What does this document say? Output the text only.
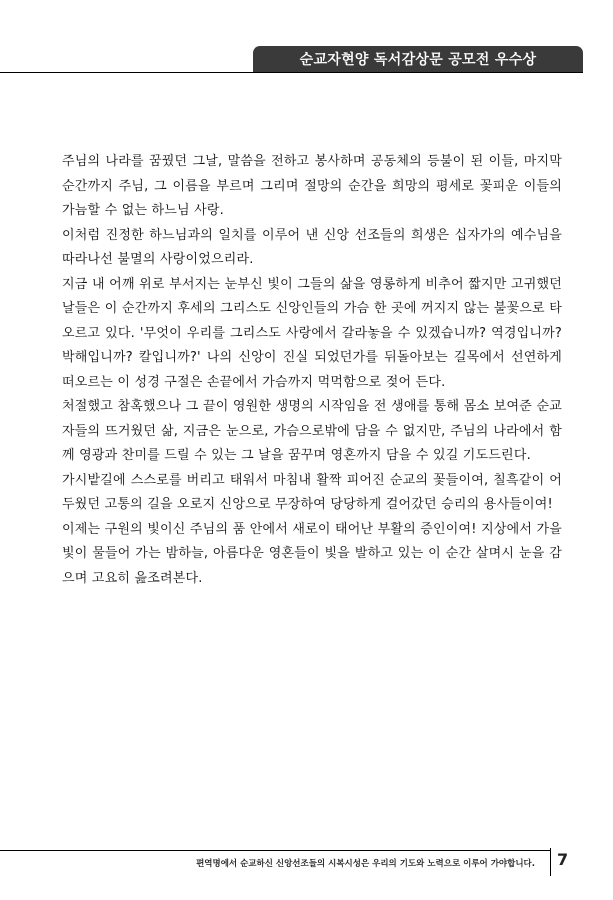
순교자현양 독서감상문 공모전 우수상

주님의 나라를 꿈꿨던 그날, 말씀을 전하고 봉사하며 공동체의 등불이 된 이들, 마지막 순간까지 주님, 그 이름을 부르며 그리며 절망의 순간을 희망의 평세로 꽃피운 이들의 가늠할 수 없는 하느님 사랑.

이처럼 진정한 하느님과의 일치를 이루어 낸 신앙 선조들의 희생은 십자가의 예수님을 따라나선 불멸의 사랑이었으리라.

지금 내 어깨 위로 부서지는 눈부신 빛이 그들의 삶을 영롱하게 비추어 짧지만 고귀했던 날들은 이 순간까지 후세의 그리스도 신앙인들의 가슴 한 곳에 꺼지지 않는 불꽃으로 타오르고 있다. '무엇이 우리를 그리스도 사랑에서 갈라놓을 수 있겠습니까? 역경입니까? 박해입니까? 칼입니까?' 나의 신앙이 진실 되었던가를 뒤돌아보는 길목에서 선연하게 떠오르는 이 성경 구절은 손끝에서 가슴까지 먹먹함으로 젖어 든다.

처절했고 참혹했으나 그 끝이 영원한 생명의 시작임을 전 생애를 통해 몸소 보여준 순교자들의 뜨거웠던 삶, 지금은 눈으로, 가슴으로밖에 담을 수 없지만, 주님의 나라에서 함께 영광과 찬미를 드릴 수 있는 그 날을 꿈꾸며 영혼까지 담을 수 있길 기도드린다.

가시밭길에 스스로를 버리고 태워서 마침내 활짝 피어진 순교의 꽃들이여, 칠흑같이 어두웠던 고통의 길을 오로지 신앙으로 무장하여 당당하게 걸어갔던 승리의 용사들이여!

이제는 구원의 빛이신 주님의 품 안에서 새로이 태어난 부활의 증인이여! 지상에서 가을빛이 물들어 가는 밤하늘, 아름다운 영혼들이 빛을 발하고 있는 이 순간 살며시 눈을 감으며 고요히 읊조려본다.

편역명에서 순교하신 신앙선조들의 시복시성은 우리의 기도와 노력으로 이루어 가야합니다. 7
